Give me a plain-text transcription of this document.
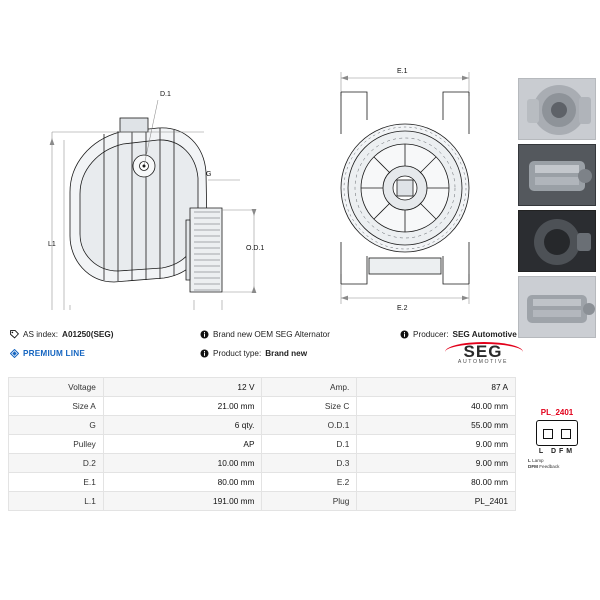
D.1
G
O.D.1
L1
E.1
E.2
AS index: A01250(SEG)	Brand new OEM SEG Alternator	Producer: SEG Automotive
PREMIUM LINE	Product type: Brand new	SEG
AUTOMOTIVE
Voltage	12 V	Amp.	87 A
Size A	21.00 mm	Size C	40.00 mm
G	6 qty.	O.D.1	55.00 mm
Pulley	AP	D.1	9.00 mm
D.2	10.00 mm	D.3	9.00 mm
E.1	80.00 mm	E.2	80.00 mm
L.1	191.00 mm	Plug	PL_2401
PL_2401
L DFM
L Lamp
DFM Feedback
